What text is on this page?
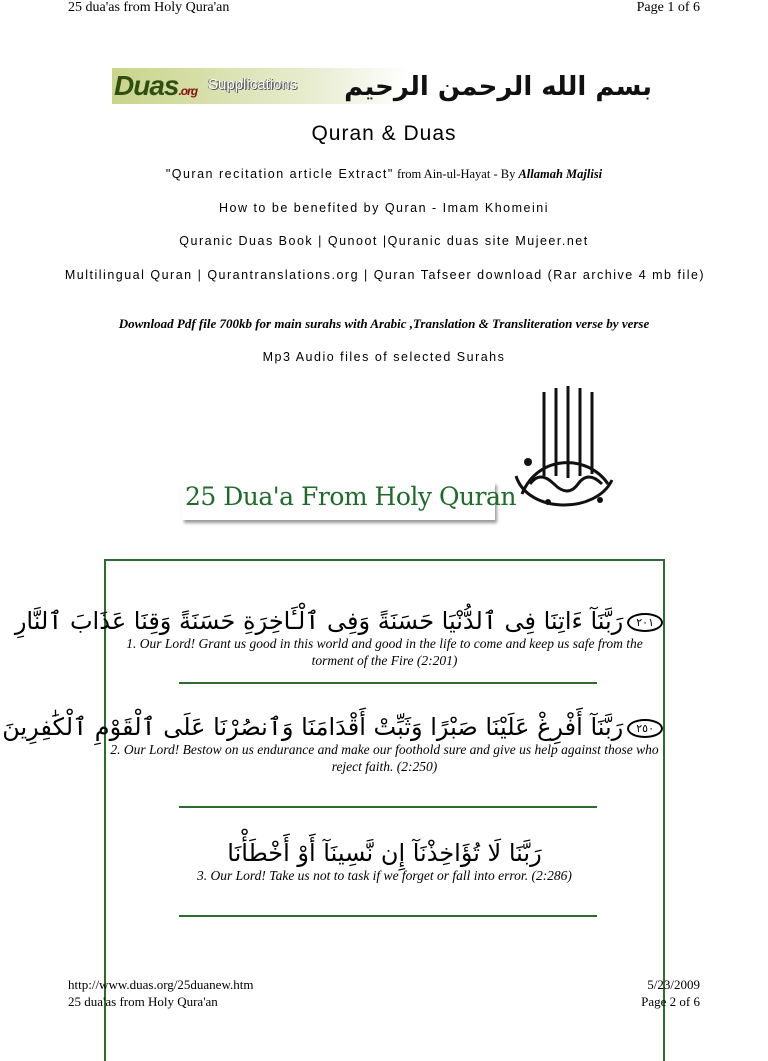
25 dua'as from Holy Qura'an	Page 1 of 6
Duas.org Supplications بسم الله الرحمن الرحيم
Quran & Duas
"Quran recitation article Extract" from Ain-ul-Hayat - By Allamah Majlisi
How to be benefited by Quran - Imam Khomeini
Quranic Duas Book | Qunoot |Quranic duas site Mujeer.net
Multilingual Quran | Qurantranslations.org | Quran Tafseer download (Rar archive 4 mb file)
Download Pdf file 700kb for main surahs with Arabic ,Translation & Transliteration verse by verse
Mp3 Audio files of selected Surahs
25 Dua'a From Holy Quran
٢٠١رَبَّنَآ ءَاتِنَا فِى ٱلدُّنْيَا حَسَنَةً وَفِى ٱلْـَٔاخِرَةِ حَسَنَةً وَقِنَا عَذَابَ ٱلنَّارِ
1. Our Lord! Grant us good in this world and good in the life to come and keep us safe from the torment of the Fire (2:201)
٢٥٠رَبَّنَآ أَفْرِغْ عَلَيْنَا صَبْرًا وَثَبِّتْ أَقْدَامَنَا وَٱنصُرْنَا عَلَى ٱلْقَوْمِ ٱلْكَٰفِرِينَ
2. Our Lord! Bestow on us endurance and make our foothold sure and give us help against those who reject faith. (2:250)
رَبَّنَا لَا تُؤَاخِذْنَآ إِن نَّسِينَآ أَوْ أَخْطَأْنَا
3. Our Lord! Take us not to task if we forget or fall into error. (2:286)
http://www.duas.org/25duanew.htm	5/23/2009
25 dua'as from Holy Qura'an	Page 2 of 6
